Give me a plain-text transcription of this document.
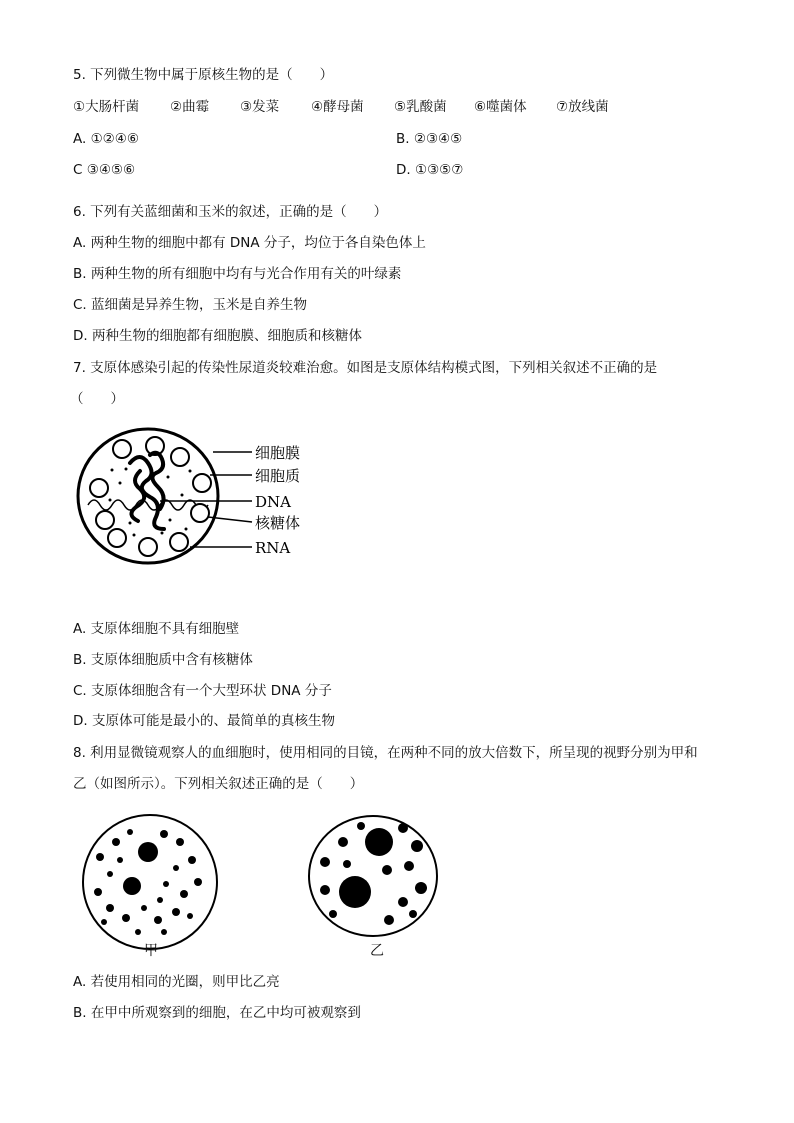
5. 下列微生物中属于原核生物的是（　　）
①大肠杆菌 ②曲霉 ③发菜 ④酵母菌 ⑤乳酸菌 ⑥噬菌体 ⑦放线菌
A. ①②④⑥	B. ②③④⑤
C ③④⑤⑥	D. ①③⑤⑦
6. 下列有关蓝细菌和玉米的叙述，正确的是（　　）
A. 两种生物的细胞中都有 DNA 分子，均位于各自染色体上
B. 两种生物的所有细胞中均有与光合作用有关的叶绿素
C. 蓝细菌是异养生物，玉米是自养生物
D. 两种生物的细胞都有细胞膜、细胞质和核糖体
7. 支原体感染引起的传染性尿道炎较难治愈。如图是支原体结构模式图，下列相关叙述不正确的是
（　　）
细胞膜
细胞质
DNA
核糖体
RNA
A. 支原体细胞不具有细胞壁
B. 支原体细胞质中含有核糖体
C. 支原体细胞含有一个大型环状 DNA 分子
D. 支原体可能是最小的、最简单的真核生物
8. 利用显微镜观察人的血细胞时，使用相同的目镜，在两种不同的放大倍数下，所呈现的视野分别为甲和
乙（如图所示）。下列相关叙述正确的是（　　）
甲	乙
A. 若使用相同的光圈，则甲比乙亮
B. 在甲中所观察到的细胞，在乙中均可被观察到
